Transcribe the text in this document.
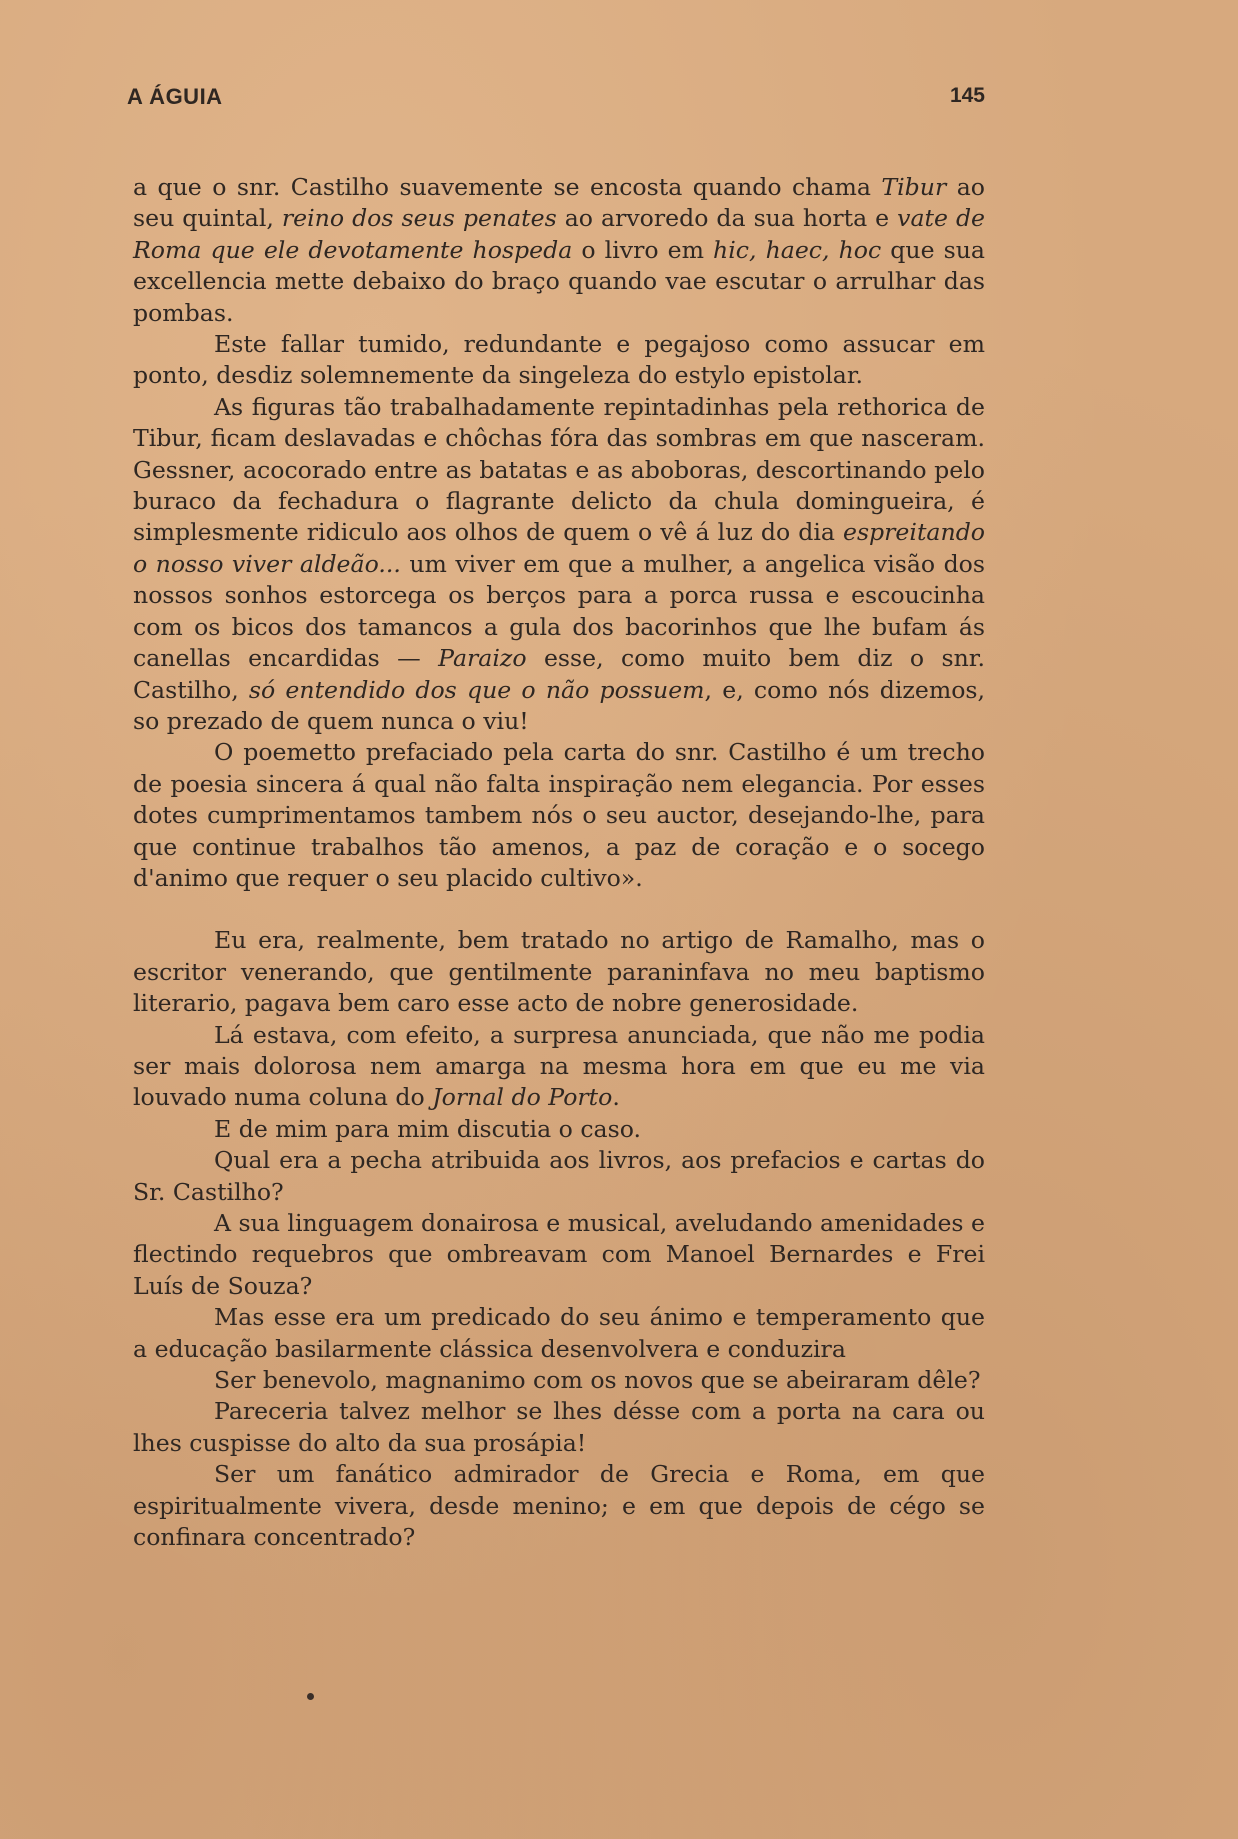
A ÁGUIA	145

a que o snr. Castilho suavemente se encosta quando chama Tibur ao seu quintal, reino dos seus penates ao arvoredo da sua horta e vate de Roma que ele devotamente hospeda o livro em hic, haec, hoc que sua excellencia mette debaixo do braço quando vae escutar o arrulhar das pombas.

Este fallar tumido, redundante e pegajoso como assucar em ponto, desdiz solemnemente da singeleza do estylo epistolar.

As figuras tão trabalhadamente repintadinhas pela rethorica de Tibur, ficam deslavadas e chôchas fóra das sombras em que nasceram. Gessner, acocorado entre as batatas e as aboboras, descortinando pelo buraco da fechadura o flagrante delicto da chula domingueira, é simplesmente ridiculo aos olhos de quem o vê á luz do dia espreitando o nosso viver aldeão... um viver em que a mulher, a angelica visão dos nossos sonhos estorcega os berços para a porca russa e escoucinha com os bicos dos tamancos a gula dos bacorinhos que lhe bufam ás canellas encardidas — Paraizo esse, como muito bem diz o snr. Castilho, só entendido dos que o não possuem, e, como nós dizemos, so prezado de quem nunca o viu!

O poemetto prefaciado pela carta do snr. Castilho é um trecho de poesia sincera á qual não falta inspiração nem elegancia. Por esses dotes cumprimentamos tambem nós o seu auctor, desejando-lhe, para que continue trabalhos tão amenos, a paz de coração e o socego d'animo que requer o seu placido cultivo».

Eu era, realmente, bem tratado no artigo de Ramalho, mas o escritor venerando, que gentilmente paraninfava no meu baptismo literario, pagava bem caro esse acto de nobre generosidade.

Lá estava, com efeito, a surpresa anunciada, que não me podia ser mais dolorosa nem amarga na mesma hora em que eu me via louvado numa coluna do Jornal do Porto.

E de mim para mim discutia o caso.

Qual era a pecha atribuida aos livros, aos prefacios e cartas do Sr. Castilho?

A sua linguagem donairosa e musical, aveludando amenidades e flectindo requebros que ombreavam com Manoel Bernardes e Frei Luís de Souza?

Mas esse era um predicado do seu ánimo e temperamento que a educação basilarmente clássica desenvolvera e conduzira

Ser benevolo, magnanimo com os novos que se abeiraram dêle?

Pareceria talvez melhor se lhes désse com a porta na cara ou lhes cuspisse do alto da sua prosápia!

Ser um fanático admirador de Grecia e Roma, em que espiritualmente vivera, desde menino; e em que depois de cégo se confinara concentrado?
